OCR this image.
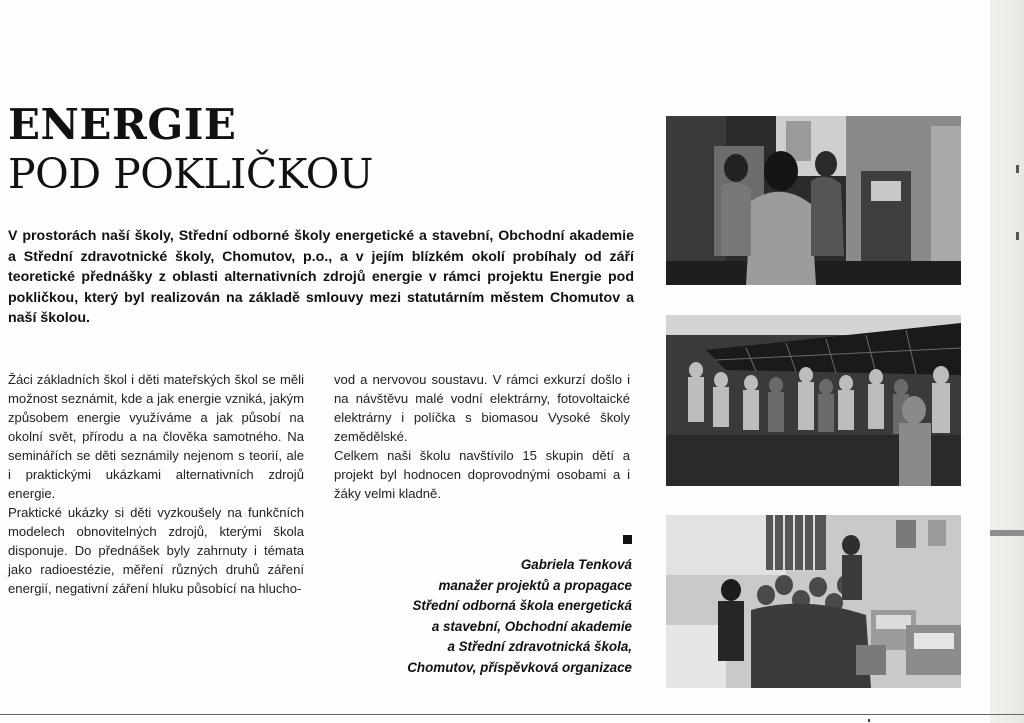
ENERGIE
POD POKLIČKOU

V prostorách naší školy, Střední odborné školy energetické a stavební, Obchodní akademie a Střední zdravotnické školy, Chomutov, p.o., a v jejím blízkém okolí probíhaly od září teoretické přednášky z oblasti alternativních zdrojů energie v rámci projektu Energie pod pokličkou, který byl realizován na základě smlouvy mezi statutárním městem Chomutov a naší školou.

Žáci základních škol i děti mateřských škol se měli možnost seznámit, kde a jak energie vzniká, jakým způsobem energie využíváme a jak působí na okolní svět, přírodu a na člověka samotného. Na seminářích se děti seznámily nejenom s teorií, ale i praktickými ukázkami alternativních zdrojů energie.

Praktické ukázky si děti vyzkoušely na funkčních modelech obnovitelných zdrojů, kterými škola disponuje. Do přednášek byly zahrnuty i témata jako radioestézie, měření různých druhů záření energií, negativní záření hluku působící na hlucho-

vod a nervovou soustavu. V rámci exkurzí došlo i na návštěvu malé vodní elektrárny, fotovoltaické elektrárny i políčka s biomasou Vysoké školy zemědělské.

Celkem naši školu navštívilo 15 skupin dětí a projekt byl hodnocen doprovodnými osobami a i žáky velmi kladně.

Gabriela Tenková
manažer projektů a propagace
Střední odborná škola energetická
a stavební, Obchodní akademie
a Střední zdravotnická škola,
Chomutov, příspěvková organizace
